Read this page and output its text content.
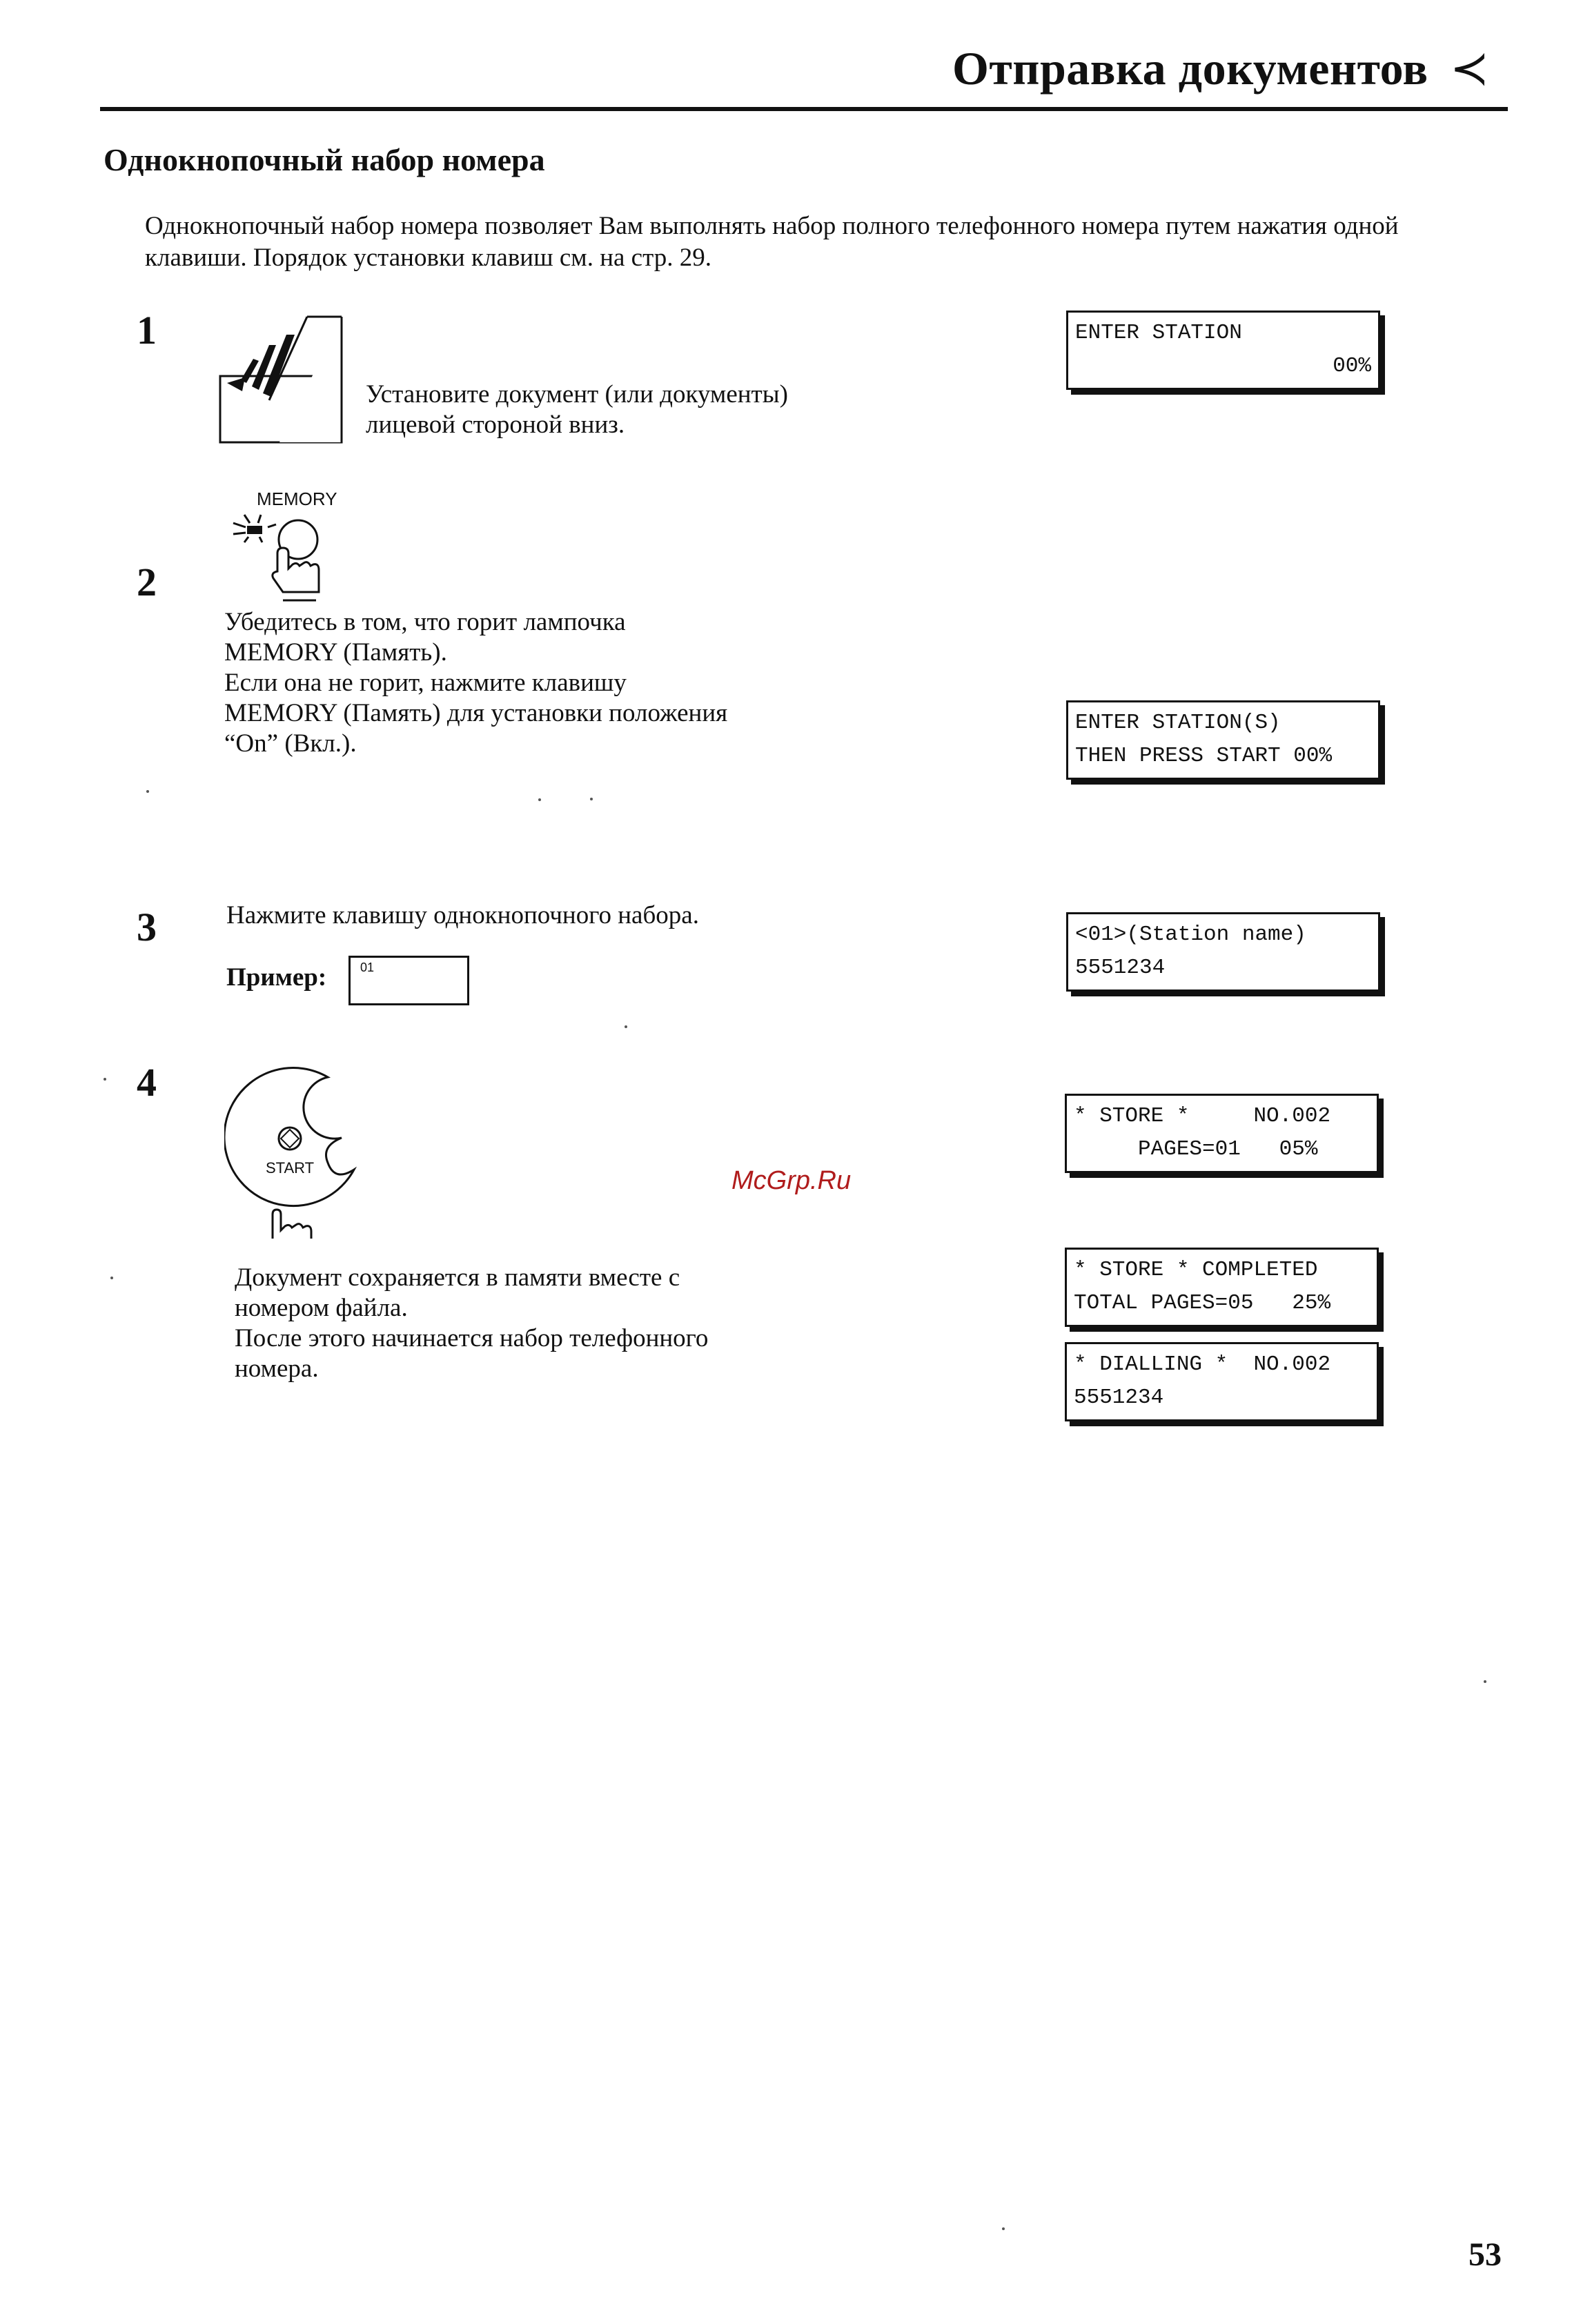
Отправка документов ≺
Однокнопочный набор номера
Однокнопочный набор номера позволяет Вам выполнять набор полного телефонного номера путем нажатия одной клавиши. Порядок установки клавиш см. на стр. 29.
1
Установите документ (или документы)
лицевой стороной вниз.
ENTER STATION
00%
MEMORY
2
Убедитесь в том, что горит лампочка
MEMORY (Память).
Если она не горит, нажмите клавишу
MEMORY (Память) для установки положения
“On” (Вкл.).
ENTER STATION(S)
THEN PRESS START 00%
3	Нажмите клавишу однокнопочного набора.
Пример:	01
<01>(Station name)
5551234
4
START
Документ сохраняется в памяти вместе с
номером файла.
После этого начинается набор телефонного
номера.
* STORE *     NO.002
PAGES=01   05%
* STORE * COMPLETED
TOTAL PAGES=05   25%
* DIALLING *  NO.002
5551234
McGrp.Ru
53
